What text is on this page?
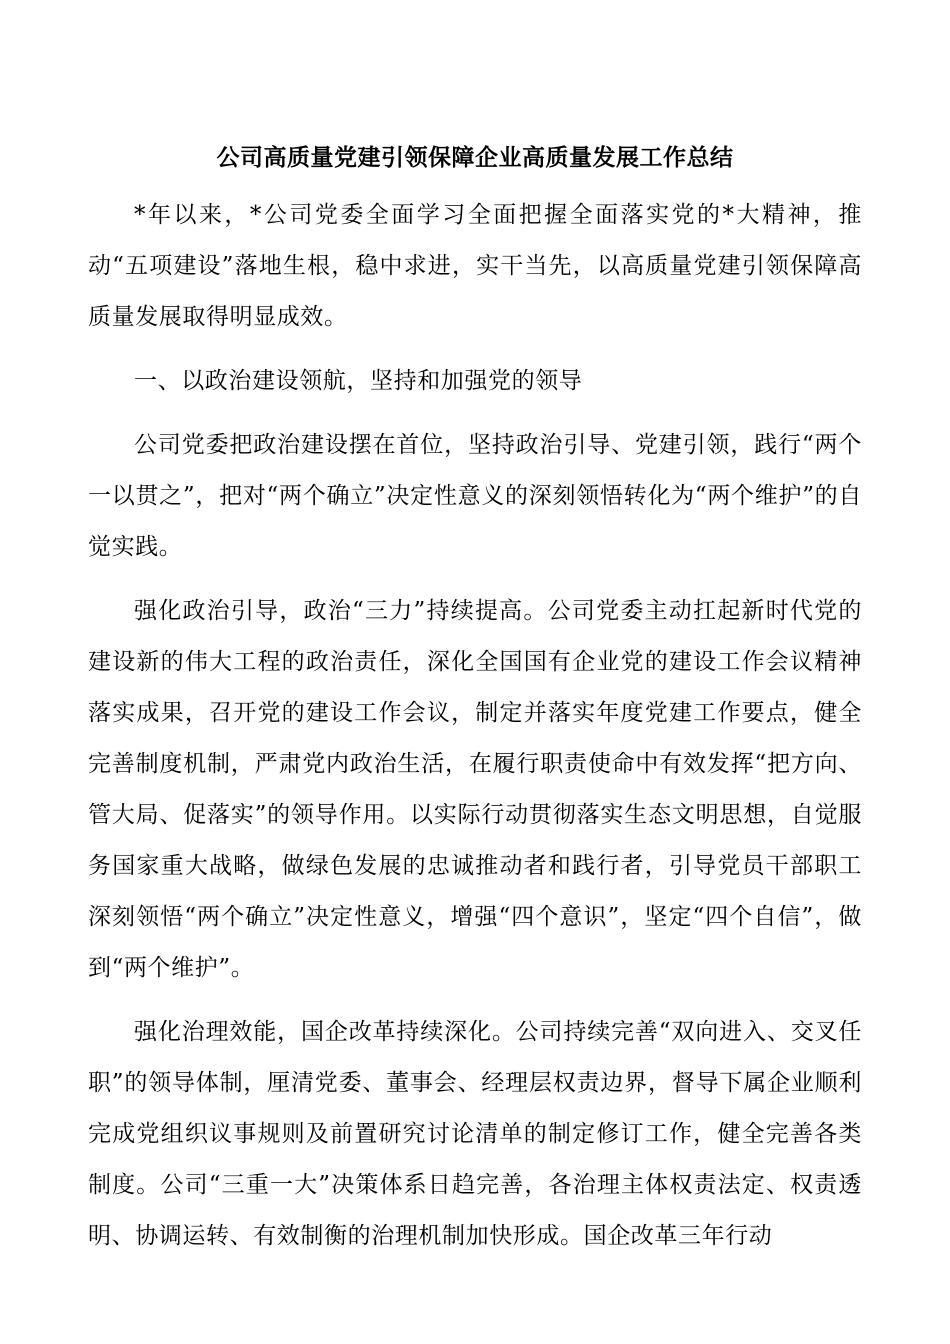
公司高质量党建引领保障企业高质量发展工作总结

*年以来，*公司党委全面学习全面把握全面落实党的*大精神，推动“五项建设”落地生根，稳中求进，实干当先，以高质量党建引领保障高质量发展取得明显成效。

一、以政治建设领航，坚持和加强党的领导

公司党委把政治建设摆在首位，坚持政治引导、党建引领，践行“两个一以贯之”，把对“两个确立”决定性意义的深刻领悟转化为“两个维护”的自觉实践。

强化政治引导，政治“三力”持续提高。公司党委主动扛起新时代党的建设新的伟大工程的政治责任，深化全国国有企业党的建设工作会议精神落实成果，召开党的建设工作会议，制定并落实年度党建工作要点，健全完善制度机制，严肃党内政治生活，在履行职责使命中有效发挥“把方向、管大局、促落实”的领导作用。以实际行动贯彻落实生态文明思想，自觉服务国家重大战略，做绿色发展的忠诚推动者和践行者，引导党员干部职工深刻领悟“两个确立”决定性意义，增强“四个意识”，坚定“四个自信”，做到“两个维护”。

强化治理效能，国企改革持续深化。公司持续完善“双向进入、交叉任职”的领导体制，厘清党委、董事会、经理层权责边界，督导下属企业顺利完成党组织议事规则及前置研究讨论清单的制定修订工作，健全完善各类制度。公司“三重一大”决策体系日趋完善，各治理主体权责法定、权责透明、协调运转、有效制衡的治理机制加快形成。国企改革三年行动
